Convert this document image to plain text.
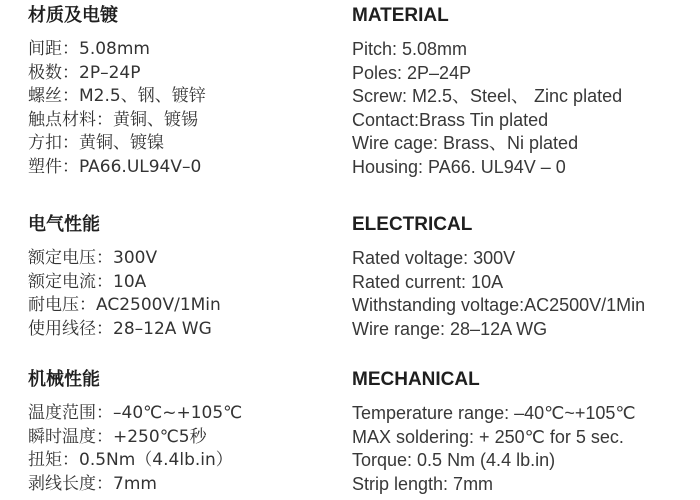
材质及电镀
间距：5.08mm
极数：2P–24P
螺丝：M2.5、钢、镀锌
触点材料：黄铜、镀锡
方扣：黄铜、镀镍
塑件：PA66.UL94V–0
电气性能
额定电压：300V
额定电流：10A
耐电压：AC2500V/1Min
使用线径：28–12A WG
机械性能
温度范围：–40℃~+105℃
瞬时温度：+250℃5秒
扭矩：0.5Nm（4.4lb.in）
剥线长度：7mm
MATERIAL
Pitch: 5.08mm
Poles: 2P–24P
Screw: M2.5、Steel、 Zinc plated
Contact:Brass Tin plated
Wire cage: Brass、Ni plated
Housing: PA66. UL94V – 0
ELECTRICAL
Rated voltage: 300V
Rated current: 10A
Withstanding voltage:AC2500V/1Min
Wire range: 28–12A WG
MECHANICAL
Temperature range: –40℃~+105℃
MAX soldering: + 250℃ for 5 sec.
Torque: 0.5 Nm (4.4 lb.in)
Strip length: 7mm
